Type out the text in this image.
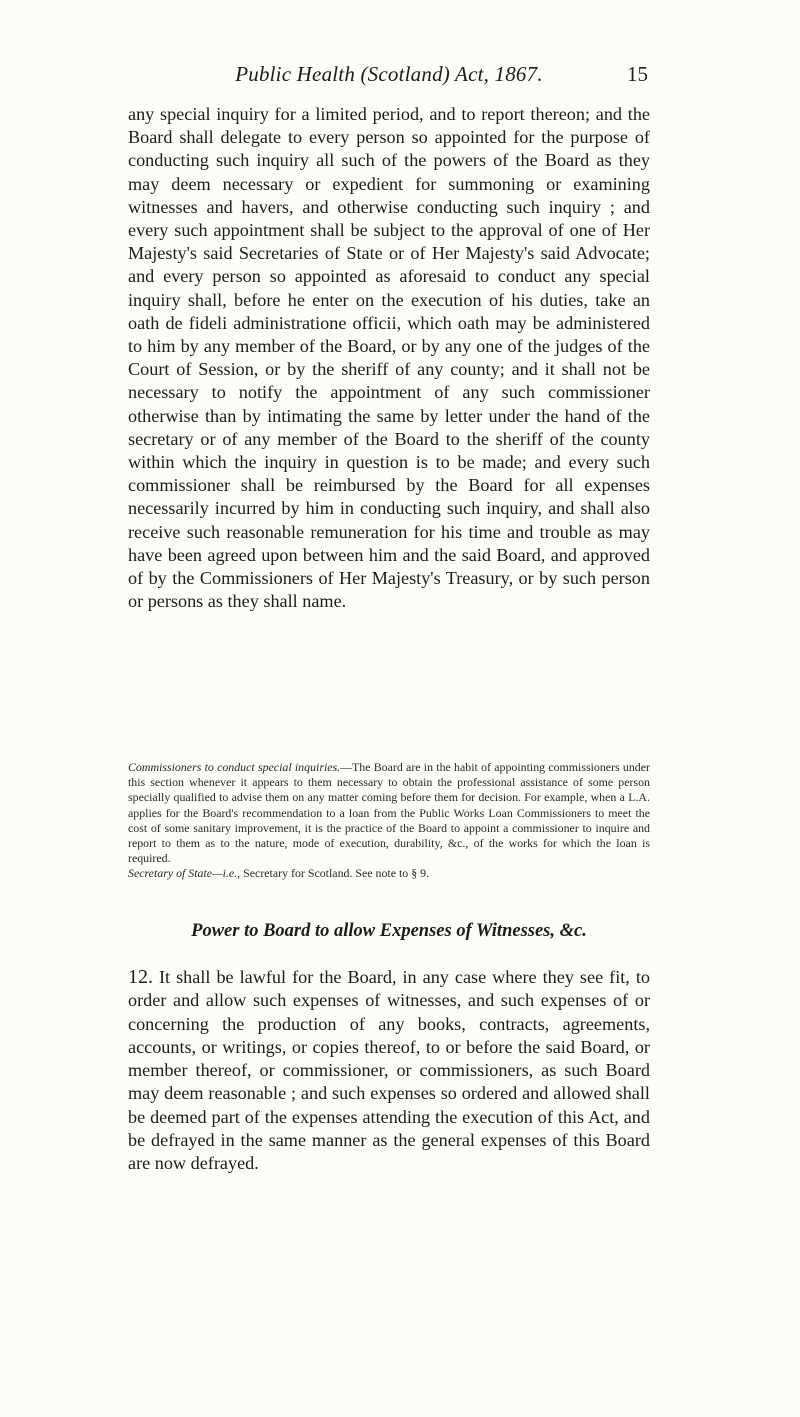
Public Health (Scotland) Act, 1867.	15

any special inquiry for a limited period, and to report thereon; and the Board shall delegate to every person so appointed for the purpose of conducting such inquiry all such of the powers of the Board as they may deem necessary or expedient for summoning or examining witnesses and havers, and otherwise conducting such inquiry ; and every such appointment shall be subject to the approval of one of Her Majesty's said Secretaries of State or of Her Majesty's said Advocate; and every person so appointed as aforesaid to conduct any special inquiry shall, before he enter on the execution of his duties, take an oath de fideli administratione officii, which oath may be administered to him by any member of the Board, or by any one of the judges of the Court of Session, or by the sheriff of any county; and it shall not be necessary to notify the appointment of any such commissioner otherwise than by intimating the same by letter under the hand of the secretary or of any member of the Board to the sheriff of the county within which the inquiry in question is to be made; and every such commissioner shall be reimbursed by the Board for all expenses necessarily incurred by him in conducting such inquiry, and shall also receive such reasonable remuneration for his time and trouble as may have been agreed upon between him and the said Board, and approved of by the Commissioners of Her Majesty's Treasury, or by such person or persons as they shall name.

Commissioners to conduct special inquiries.—The Board are in the habit of appointing commissioners under this section whenever it appears to them necessary to obtain the professional assistance of some person specially qualified to advise them on any matter coming before them for decision. For example, when a L.A. applies for the Board's recommendation to a loan from the Public Works Loan Commissioners to meet the cost of some sanitary improvement, it is the practice of the Board to appoint a commissioner to inquire and report to them as to the nature, mode of execution, durability, &c., of the works for which the loan is required.

Secretary of State—i.e., Secretary for Scotland. See note to § 9.

Power to Board to allow Expenses of Witnesses, &c.

12. It shall be lawful for the Board, in any case where they see fit, to order and allow such expenses of witnesses, and such expenses of or concerning the production of any books, contracts, agreements, accounts, or writings, or copies thereof, to or before the said Board, or member thereof, or commissioner, or commissioners, as such Board may deem reasonable ; and such expenses so ordered and allowed shall be deemed part of the expenses attending the execution of this Act, and be defrayed in the same manner as the general expenses of this Board are now defrayed.
